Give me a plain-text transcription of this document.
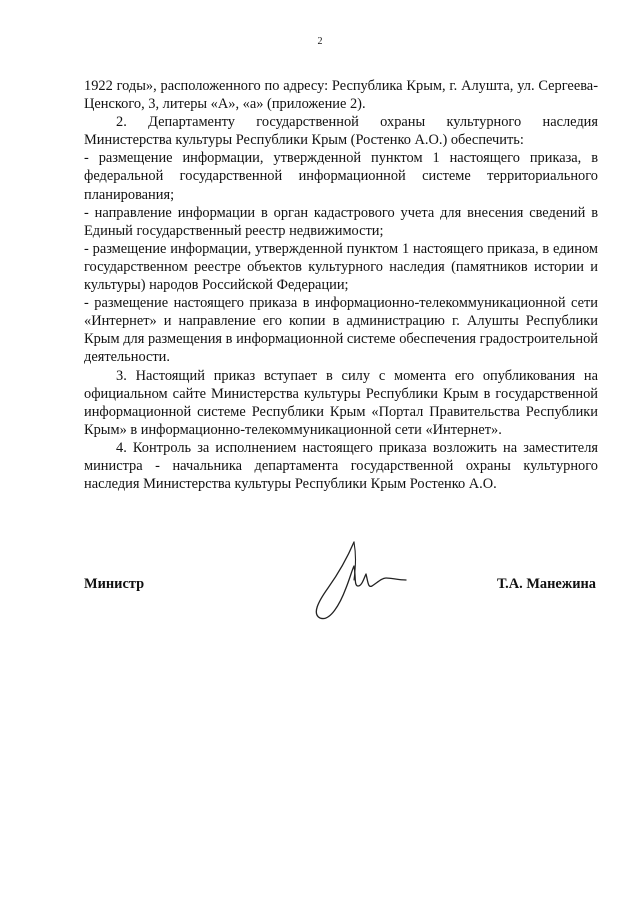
2

1922 годы», расположенного по адресу: Республика Крым, г. Алушта, ул. Сергеева-Ценского, 3, литеры «А», «а» (приложение 2).

2. Департаменту государственной охраны культурного наследия Министерства культуры Республики Крым (Ростенко А.О.) обеспечить:

- размещение информации, утвержденной пунктом 1 настоящего приказа, в федеральной государственной информационной системе территориального планирования;

- направление информации в орган кадастрового учета для внесения сведений в Единый государственный реестр недвижимости;

- размещение информации, утвержденной пунктом 1 настоящего приказа, в едином государственном реестре объектов культурного наследия (памятников истории и культуры) народов Российской Федерации;

- размещение настоящего приказа в информационно-телекоммуникационной сети «Интернет» и направление его копии в администрацию г. Алушты Республики Крым для размещения в информационной системе обеспечения градостроительной деятельности.

3. Настоящий приказ вступает в силу с момента его опубликования на официальном сайте Министерства культуры Республики Крым в государственной информационной системе Республики Крым «Портал Правительства Республики Крым» в информационно-телекоммуникационной сети «Интернет».

4. Контроль за исполнением настоящего приказа возложить на заместителя министра - начальника департамента государственной охраны культурного наследия Министерства культуры Республики Крым Ростенко А.О.

Министр	Т.А. Манежина
